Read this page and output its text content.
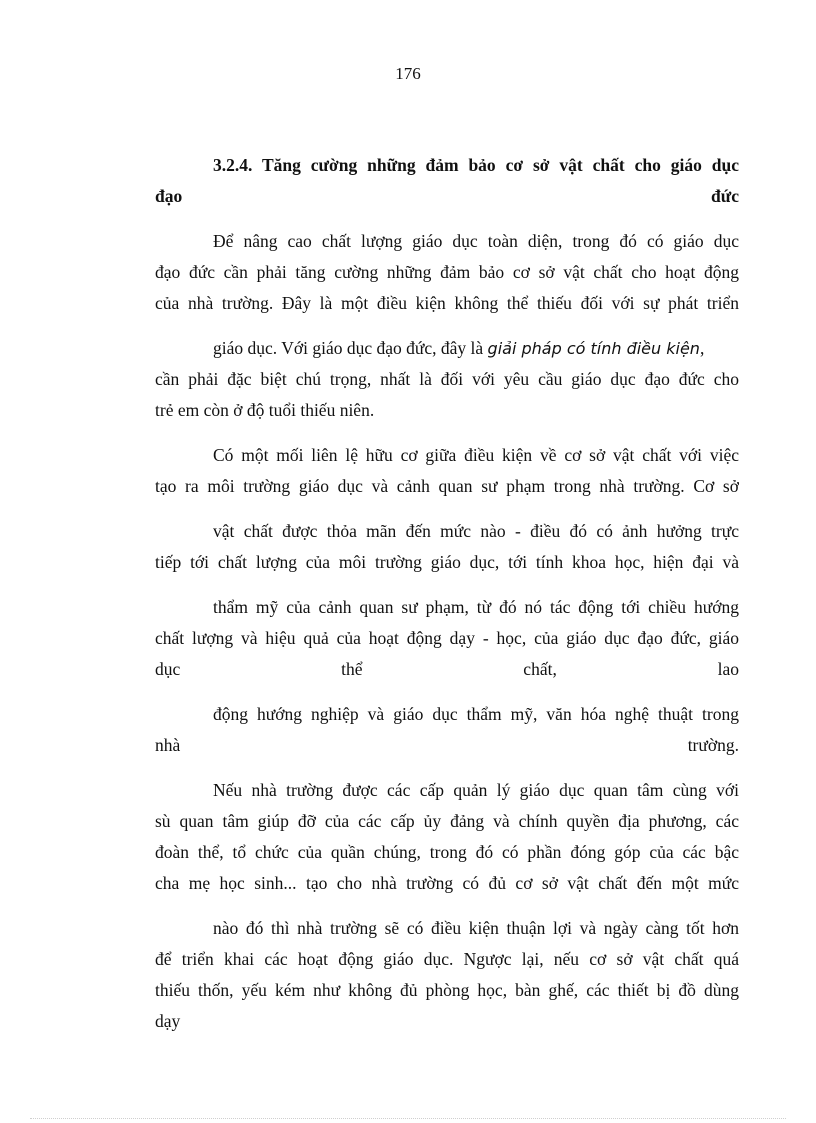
176
3.2.4. Tăng cường những đảm bảo cơ sở vật chất cho giáo dục
đạo	đức
Để nâng cao chất lượng giáo dục toàn diện, trong đó có giáo dục
đạo đức cần phải tăng cường những đảm bảo cơ sở vật chất cho hoạt động
của nhà trường. Đây là một điều kiện không thể thiếu đối với sự phát triển
giáo dục. Với giáo dục đạo đức, đây là giải pháp có tính điều kiện,
cần phải đặc biệt chú trọng, nhất là đối với yêu cầu giáo dục đạo đức cho
trẻ em còn ở độ tuổi thiếu niên.
Có một mối liên lệ hữu cơ giữa điều kiện về cơ sở vật chất với việc
tạo ra môi trường giáo dục và cảnh quan sư phạm trong nhà trường. Cơ sở
vật chất được thỏa mãn đến mức nào - điều đó có ảnh hưởng trực
tiếp tới chất lượng của môi trường giáo dục, tới tính khoa học, hiện đại và
thẩm mỹ của cảnh quan sư phạm, từ đó nó tác động tới chiều hướng
chất lượng và hiệu quả của hoạt động dạy - học, của giáo dục đạo đức, giáo
dục	thể	chất,	lao
động hướng nghiệp và giáo dục thẩm mỹ, văn hóa nghệ thuật trong
nhà	trường.
Nếu nhà trường được các cấp quản lý giáo dục quan tâm cùng với
sù quan tâm giúp đỡ của các cấp ủy đảng và chính quyền địa phương, các
đoàn thể, tổ chức của quần chúng, trong đó có phần đóng góp của các bậc
cha mẹ học sinh... tạo cho nhà trường có đủ cơ sở vật chất đến một mức
nào đó thì nhà trường sẽ có điều kiện thuận lợi và ngày càng tốt hơn
để triển khai các hoạt động giáo dục. Ngược lại, nếu cơ sở vật chất quá
thiếu thốn, yếu kém như không đủ phòng học, bàn ghế, các thiết bị đồ dùng
dạy
